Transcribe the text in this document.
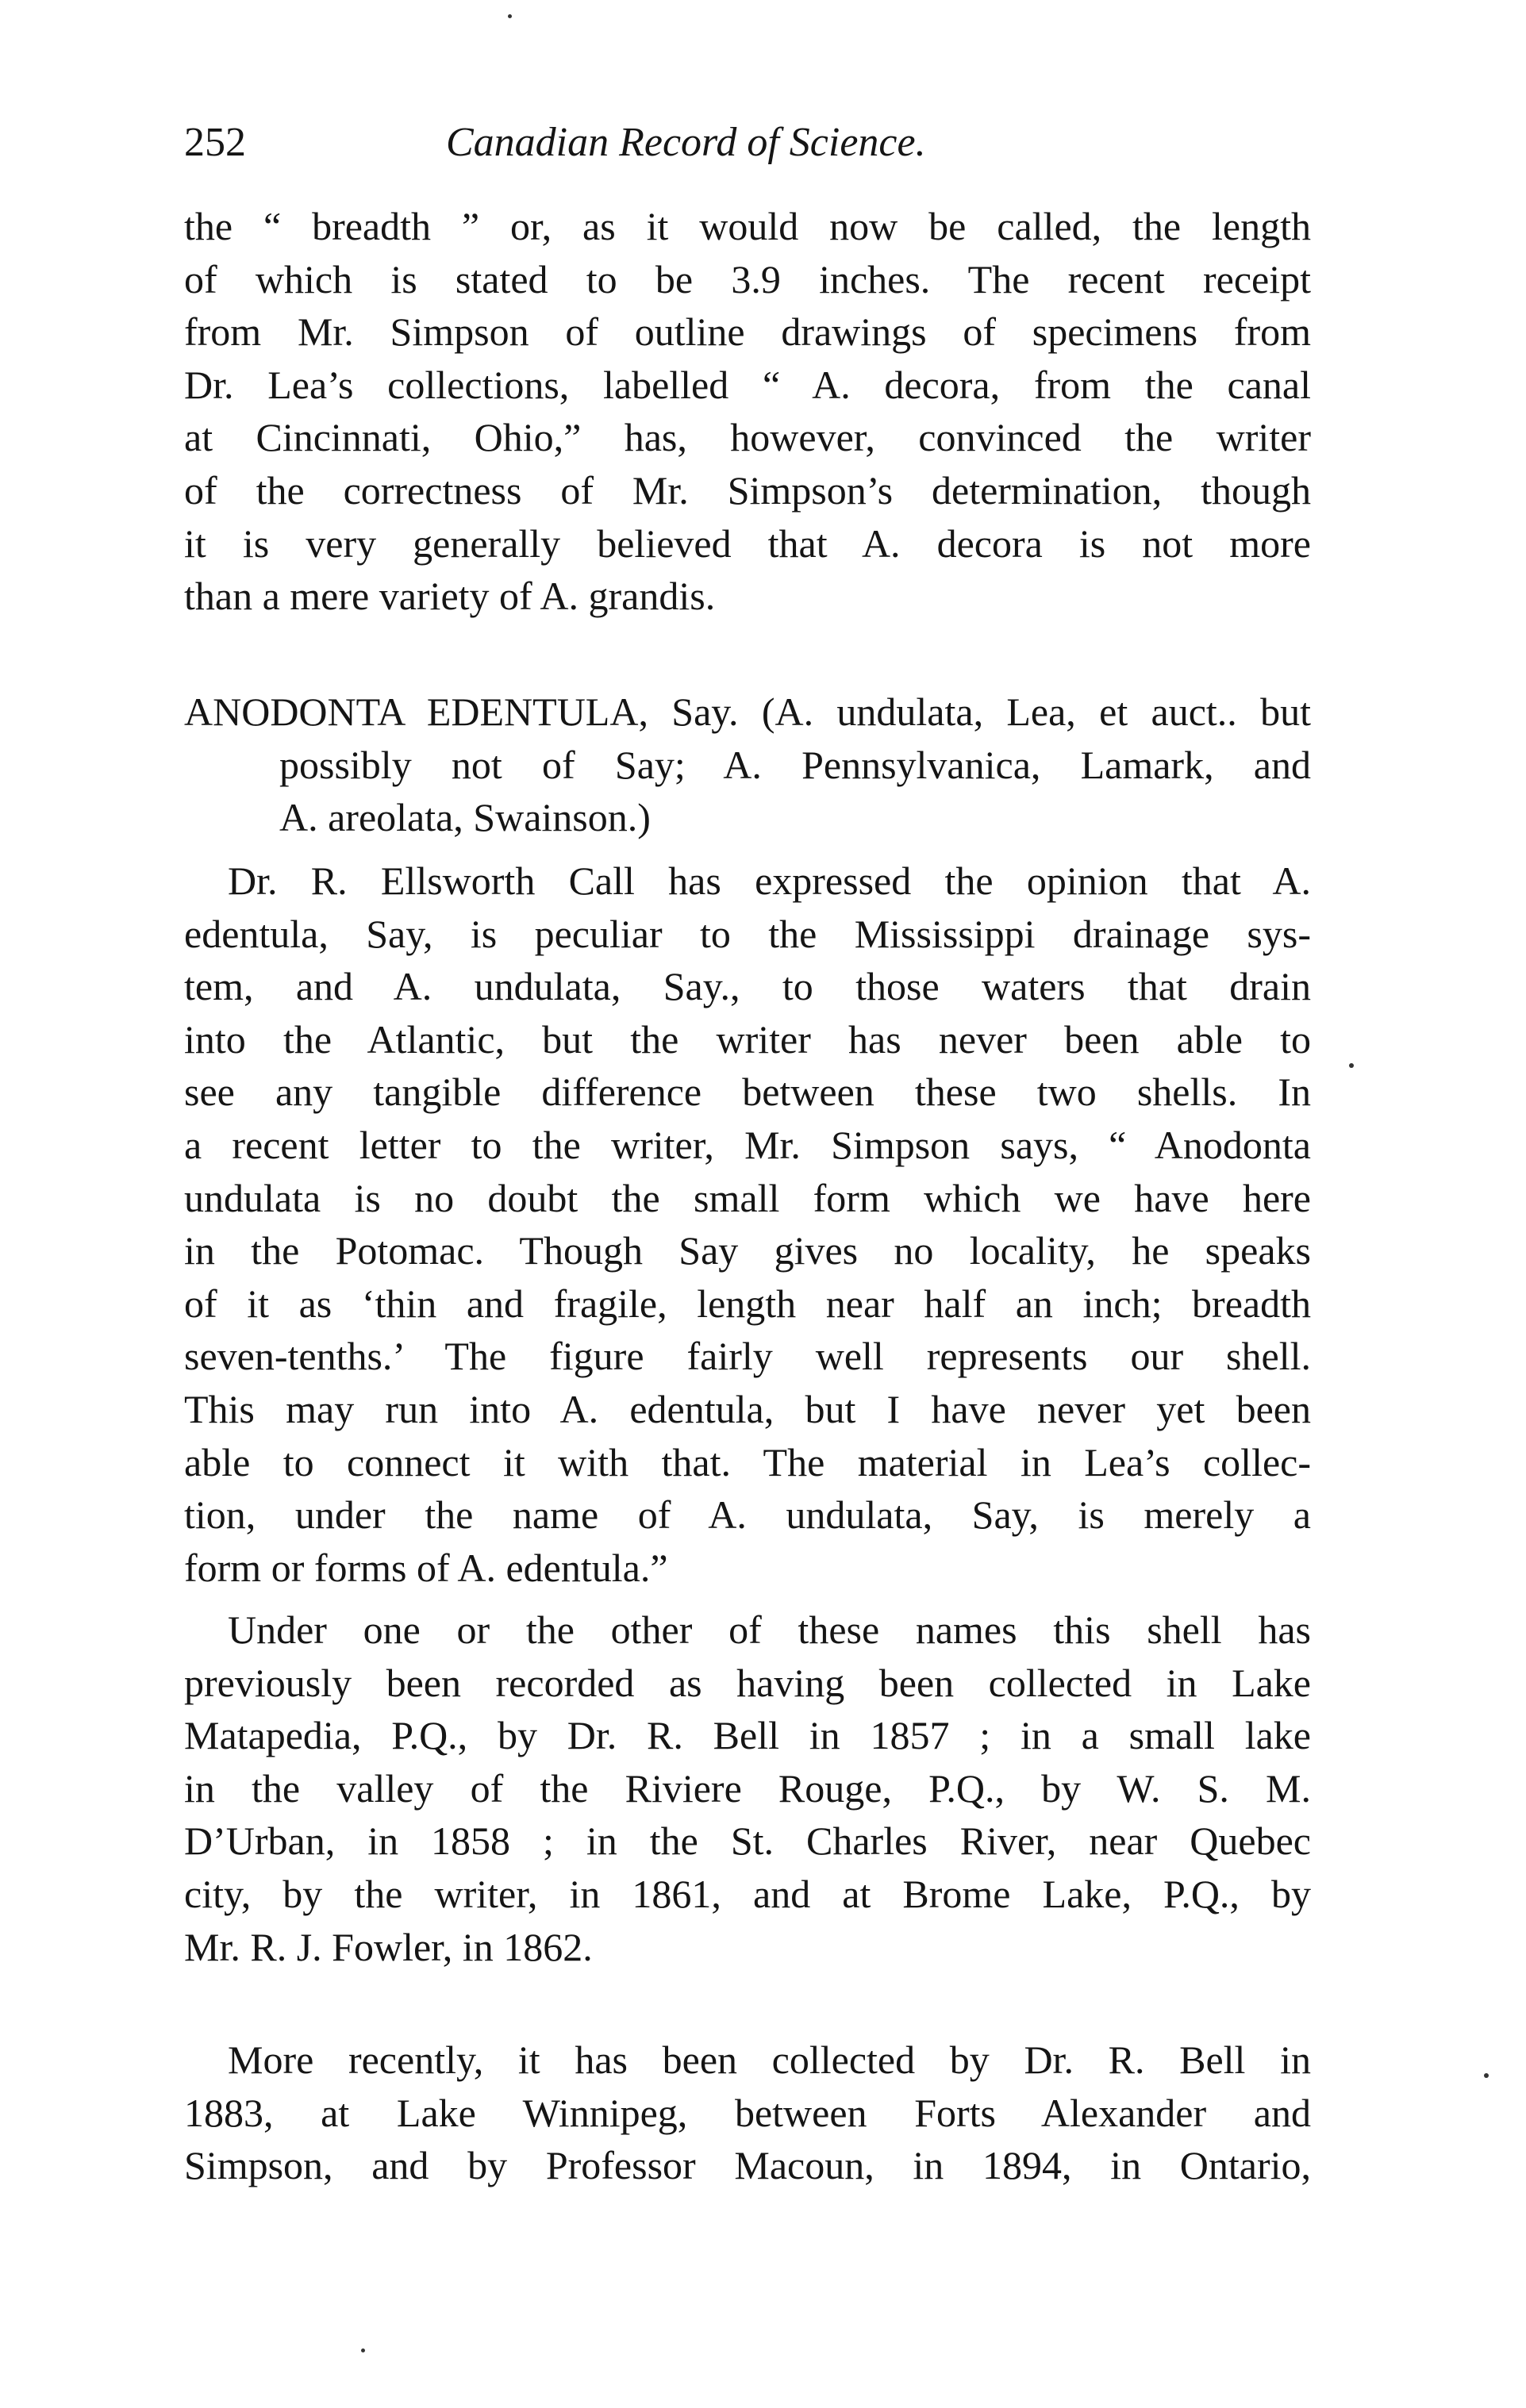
252	Canadian Record of Science.
the “ breadth ” or, as it would now be called, the length
of which is stated to be 3.9 inches. The recent receipt
from Mr. Simpson of outline drawings of specimens from
Dr. Lea’s collections, labelled “ A. decora, from the canal
at Cincinnati, Ohio,” has, however, convinced the writer
of the correctness of Mr. Simpson’s determination, though
it is very generally believed that A. decora is not more
than a mere variety of A. grandis.
ANODONTA EDENTULA, Say. (A. undulata, Lea, et auct.. but
possibly not of Say; A. Pennsylvanica, Lamark, and
A. areolata, Swainson.)
Dr. R. Ellsworth Call has expressed the opinion that A.
edentula, Say, is peculiar to the Mississippi drainage sys-
tem, and A. undulata, Say., to those waters that drain
into the Atlantic, but the writer has never been able to
see any tangible difference between these two shells. In
a recent letter to the writer, Mr. Simpson says, “ Anodonta
undulata is no doubt the small form which we have here
in the Potomac. Though Say gives no locality, he speaks
of it as ‘thin and fragile, length near half an inch; breadth
seven-tenths.’ The figure fairly well represents our shell.
This may run into A. edentula, but I have never yet been
able to connect it with that. The material in Lea’s collec-
tion, under the name of A. undulata, Say, is merely a
form or forms of A. edentula.”
Under one or the other of these names this shell has
previously been recorded as having been collected in Lake
Matapedia, P.Q., by Dr. R. Bell in 1857 ; in a small lake
in the valley of the Riviere Rouge, P.Q., by W. S. M.
D’Urban, in 1858 ; in the St. Charles River, near Quebec
city, by the writer, in 1861, and at Brome Lake, P.Q., by
Mr. R. J. Fowler, in 1862.
More recently, it has been collected by Dr. R. Bell in
1883, at Lake Winnipeg, between Forts Alexander and
Simpson, and by Professor Macoun, in 1894, in Ontario,
